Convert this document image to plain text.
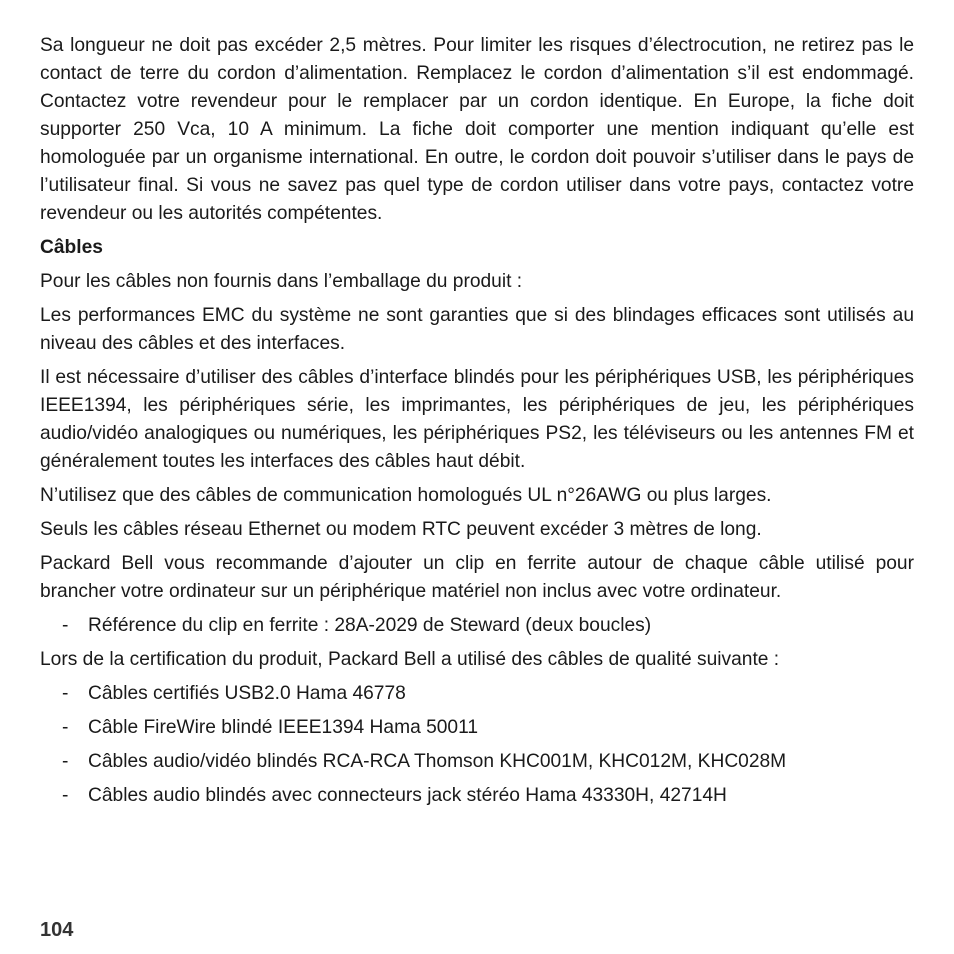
Sa longueur ne doit pas excéder 2,5 mètres. Pour limiter les risques d’électrocution, ne retirez pas le contact de terre du cordon d’alimentation. Remplacez le cordon d’alimentation s’il est endommagé. Contactez votre revendeur pour le remplacer par un cordon identique. En Europe, la fiche doit supporter 250 Vca, 10 A minimum. La fiche doit comporter une mention indiquant qu’elle est homologuée par un organisme international. En outre, le cordon doit pouvoir s’utiliser dans le pays de l’utilisateur final. Si vous ne savez pas quel type de cordon utiliser dans votre pays, contactez votre revendeur ou les autorités compétentes.

Câbles

Pour les câbles non fournis dans l’emballage du produit :

Les performances EMC du système ne sont garanties que si des blindages efficaces sont utilisés au niveau des câbles et des interfaces.

Il est nécessaire d’utiliser des câbles d’interface blindés pour les périphériques USB, les périphériques IEEE1394, les périphériques série, les imprimantes, les périphériques de jeu, les périphériques audio/vidéo analogiques ou numériques, les périphériques PS2, les téléviseurs ou les antennes FM et généralement toutes les interfaces des câbles haut débit.

N’utilisez que des câbles de communication homologués UL n°26AWG ou plus larges.

Seuls les câbles réseau Ethernet ou modem RTC peuvent excéder 3 mètres de long.

Packard Bell vous recommande d’ajouter un clip en ferrite autour de chaque câble utilisé pour brancher votre ordinateur sur un périphérique matériel non inclus avec votre ordinateur.

- Référence du clip en ferrite : 28A-2029 de Steward (deux boucles)

Lors de la certification du produit, Packard Bell a utilisé des câbles de qualité suivante :

- Câbles certifiés USB2.0 Hama 46778
- Câble FireWire blindé IEEE1394 Hama 50011
- Câbles audio/vidéo blindés RCA-RCA Thomson KHC001M, KHC012M, KHC028M
- Câbles audio blindés avec connecteurs jack stéréo Hama 43330H, 42714H
104
